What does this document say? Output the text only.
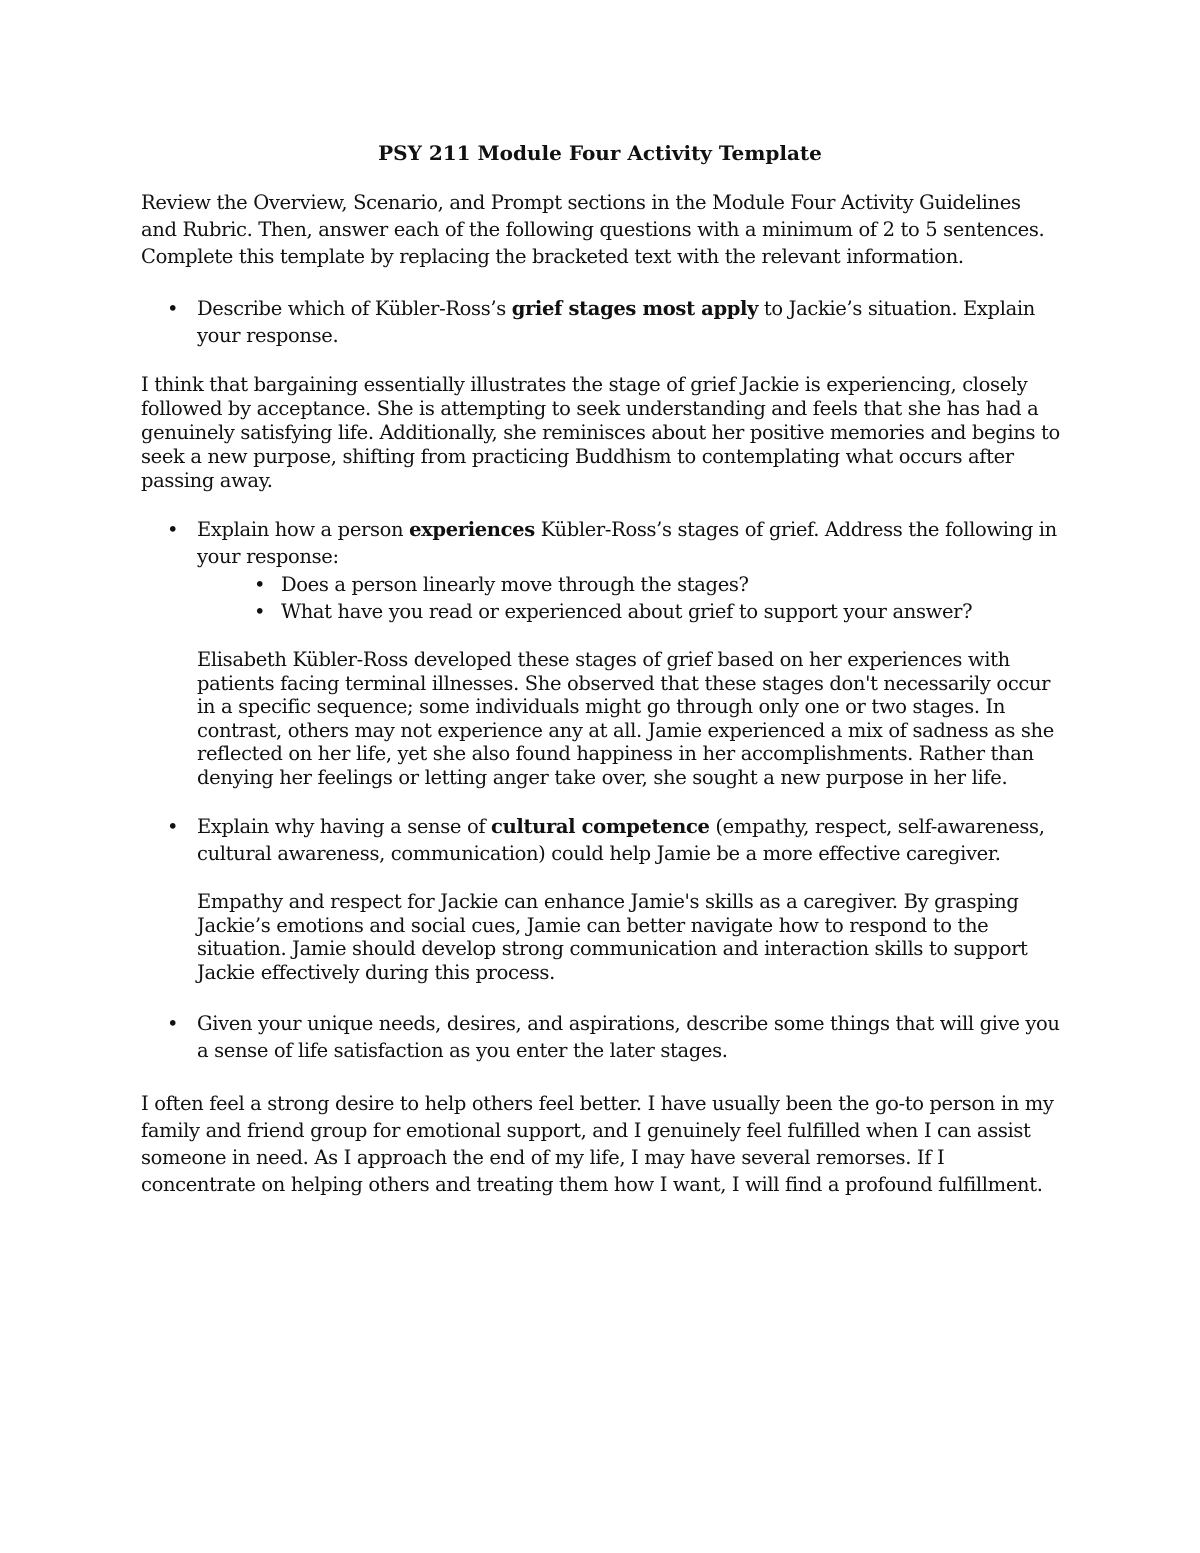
PSY 211 Module Four Activity Template

Review the Overview, Scenario, and Prompt sections in the Module Four Activity Guidelines and Rubric. Then, answer each of the following questions with a minimum of 2 to 5 sentences. Complete this template by replacing the bracketed text with the relevant information.

• Describe which of Kübler-Ross’s grief stages most apply to Jackie’s situation. Explain your response.

I think that bargaining essentially illustrates the stage of grief Jackie is experiencing, closely followed by acceptance. She is attempting to seek understanding and feels that she has had a genuinely satisfying life. Additionally, she reminisces about her positive memories and begins to seek a new purpose, shifting from practicing Buddhism to contemplating what occurs after passing away.

• Explain how a person experiences Kübler-Ross’s stages of grief. Address the following in your response:
• Does a person linearly move through the stages?
• What have you read or experienced about grief to support your answer?

Elisabeth Kübler-Ross developed these stages of grief based on her experiences with patients facing terminal illnesses. She observed that these stages don't necessarily occur in a specific sequence; some individuals might go through only one or two stages. In contrast, others may not experience any at all. Jamie experienced a mix of sadness as she reflected on her life, yet she also found happiness in her accomplishments. Rather than denying her feelings or letting anger take over, she sought a new purpose in her life.

• Explain why having a sense of cultural competence (empathy, respect, self-awareness, cultural awareness, communication) could help Jamie be a more effective caregiver.

Empathy and respect for Jackie can enhance Jamie's skills as a caregiver. By grasping Jackie’s emotions and social cues, Jamie can better navigate how to respond to the situation. Jamie should develop strong communication and interaction skills to support Jackie effectively during this process.

• Given your unique needs, desires, and aspirations, describe some things that will give you a sense of life satisfaction as you enter the later stages.

I often feel a strong desire to help others feel better. I have usually been the go-to person in my family and friend group for emotional support, and I genuinely feel fulfilled when I can assist someone in need. As I approach the end of my life, I may have several remorses. If I concentrate on helping others and treating them how I want, I will find a profound fulfillment.
